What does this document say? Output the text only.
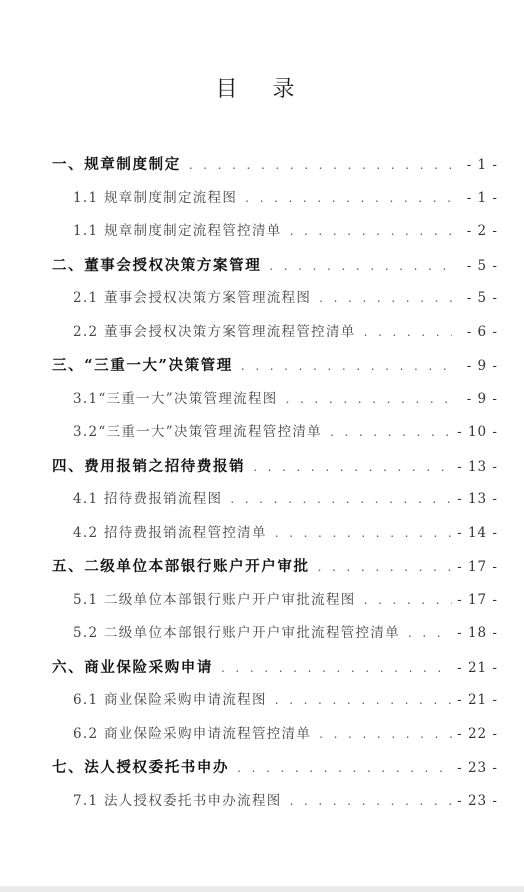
目 录
一、规章制度制定 . . .	- 1 -
1.1 规章制度制定流程图 . . .	- 1 -
1.1 规章制度制定流程管控清单 . . .	- 2 -
二、董事会授权决策方案管理 . . .	- 5 -
2.1 董事会授权决策方案管理流程图 . . .	- 5 -
2.2 董事会授权决策方案管理流程管控清单 . . .	- 6 -
三、“三重一大”决策管理 . . .	- 9 -
3.1“三重一大”决策管理流程图 . . .	- 9 -
3.2“三重一大”决策管理流程管控清单 . . .	- 10 -
四、费用报销之招待费报销 . . .	- 13 -
4.1 招待费报销流程图 . . .	- 13 -
4.2 招待费报销流程管控清单 . . .	- 14 -
五、二级单位本部银行账户开户审批 . . .	- 17 -
5.1 二级单位本部银行账户开户审批流程图 . . .	- 17 -
5.2 二级单位本部银行账户开户审批流程管控清单 . . .	- 18 -
六、商业保险采购申请 . . .	- 21 -
6.1 商业保险采购申请流程图 . . .	- 21 -
6.2 商业保险采购申请流程管控清单 . . .	- 22 -
七、法人授权委托书申办 . . .	- 23 -
7.1 法人授权委托书申办流程图 . . .	- 23 -
